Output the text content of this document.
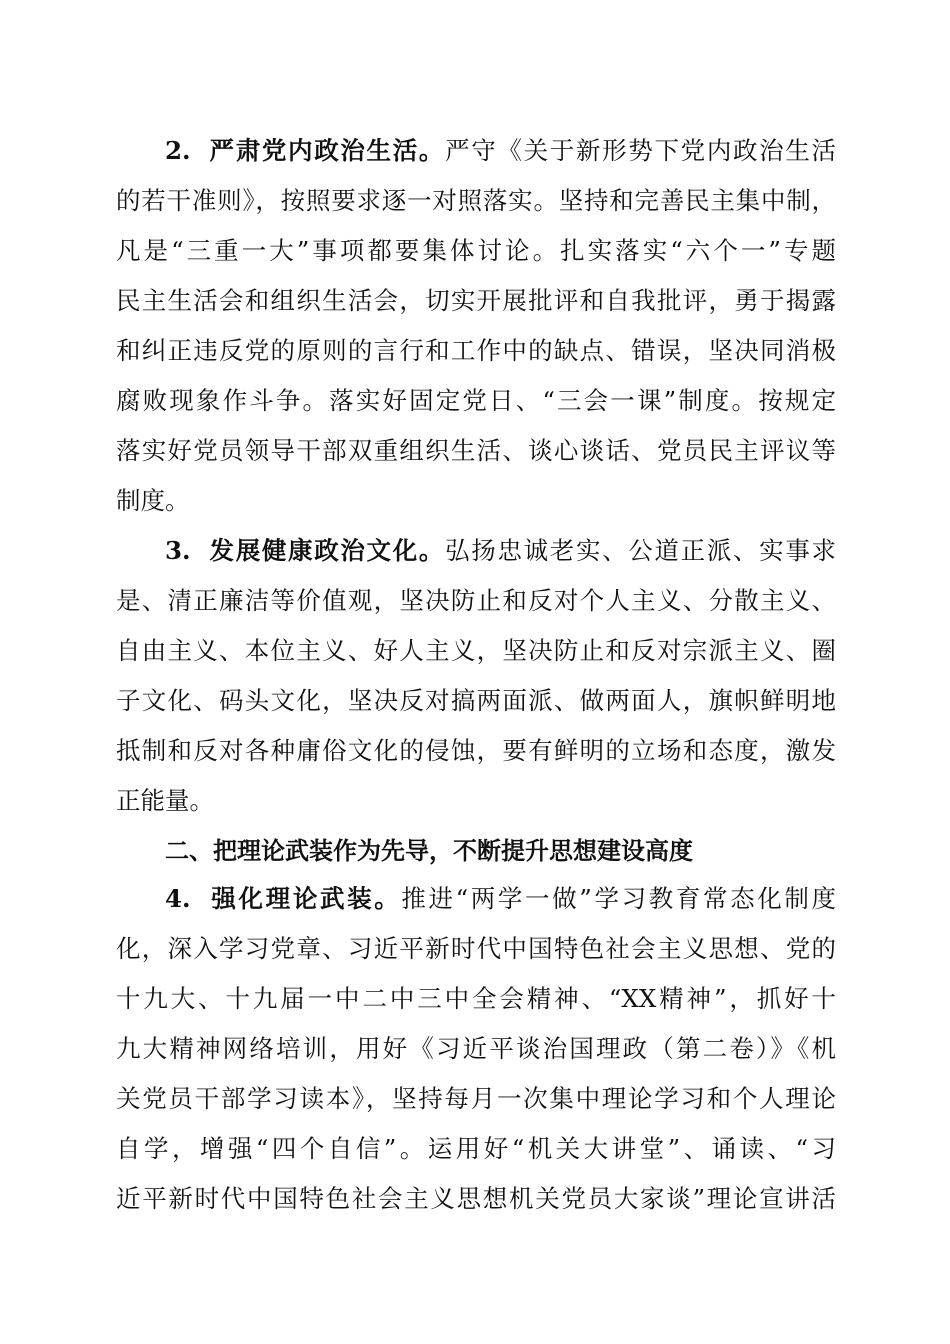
2. 严肃党内政治生活。严守《关于新形势下党内政治生活

的若干准则》，按照要求逐一对照落实。坚持和完善民主集中制，

凡是“三重一大”事项都要集体讨论。扎实落实“六个一”专题

民主生活会和组织生活会，切实开展批评和自我批评，勇于揭露

和纠正违反党的原则的言行和工作中的缺点、错误，坚决同消极

腐败现象作斗争。落实好固定党日、“三会一课”制度。按规定

落实好党员领导干部双重组织生活、谈心谈话、党员民主评议等

制度。

3. 发展健康政治文化。弘扬忠诚老实、公道正派、实事求

是、清正廉洁等价值观，坚决防止和反对个人主义、分散主义、

自由主义、本位主义、好人主义，坚决防止和反对宗派主义、圈

子文化、码头文化，坚决反对搞两面派、做两面人，旗帜鲜明地

抵制和反对各种庸俗文化的侵蚀，要有鲜明的立场和态度，激发

正能量。

二、把理论武装作为先导，不断提升思想建设高度

4. 强化理论武装。推进“两学一做”学习教育常态化制度

化，深入学习党章、习近平新时代中国特色社会主义思想、党的

十九大、十九届一中二中三中全会精神、“XX精神”，抓好十

九大精神网络培训，用好《习近平谈治国理政（第二卷）》《机

关党员干部学习读本》，坚持每月一次集中理论学习和个人理论

自学，增强“四个自信”。运用好“机关大讲堂”、诵读、“习

近平新时代中国特色社会主义思想机关党员大家谈”理论宣讲活
